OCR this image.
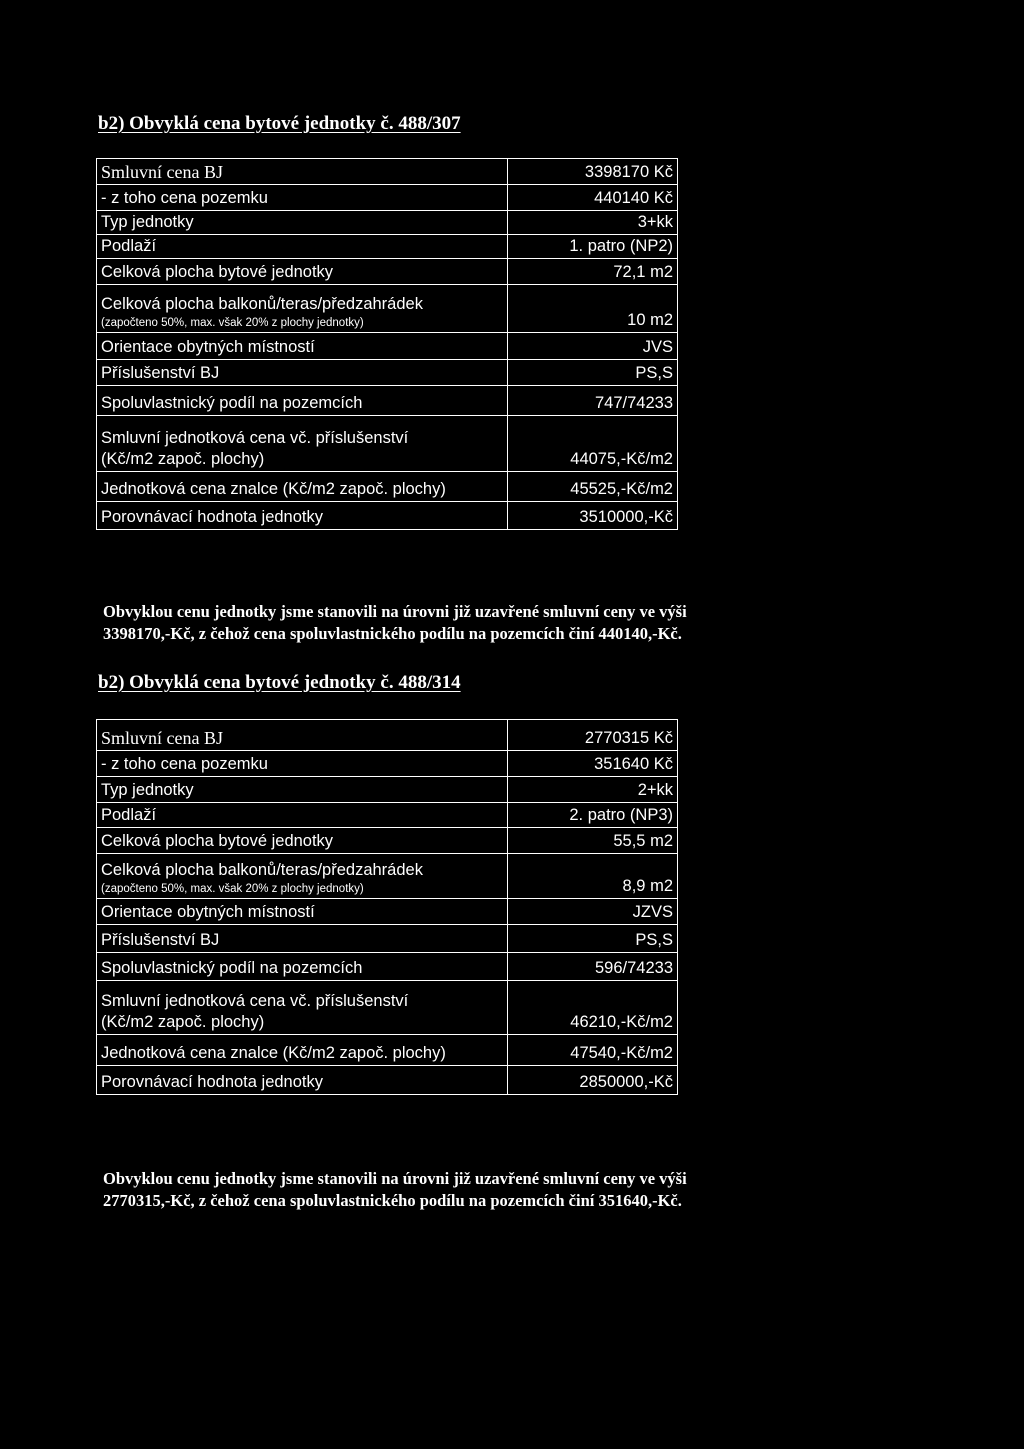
b2) Obvyklá cena bytové jednotky č. 488/307
Smluvní cena BJ	3398170 Kč
- z toho cena pozemku	440140 Kč
Typ jednotky	3+kk
Podlaží	1. patro (NP2)
Celková plocha bytové jednotky	72,1 m2
Celková plocha balkonů/teras/předzahrádek
(započteno 50%, max. však 20% z plochy jednotky)	10 m2
Orientace obytných místností	JVS
Příslušenství BJ	PS,S
Spoluvlastnický podíl na pozemcích	747/74233
Smluvní jednotková cena vč. příslušenství
(Kč/m2 započ. plochy)	44075,-Kč/m2
Jednotková cena znalce (Kč/m2 započ. plochy)	45525,-Kč/m2
Porovnávací hodnota jednotky	3510000,-Kč

Obvyklou cenu jednotky jsme stanovili na úrovni již uzavřené smluvní ceny ve výši
3398170,-Kč, z čehož cena spoluvlastnického podílu na pozemcích činí 440140,-Kč.

b2) Obvyklá cena bytové jednotky č. 488/314
Smluvní cena BJ	2770315 Kč
- z toho cena pozemku	351640 Kč
Typ jednotky	2+kk
Podlaží	2. patro (NP3)
Celková plocha bytové jednotky	55,5 m2
Celková plocha balkonů/teras/předzahrádek
(započteno 50%, max. však 20% z plochy jednotky)	8,9 m2
Orientace obytných místností	JZVS
Příslušenství BJ	PS,S
Spoluvlastnický podíl na pozemcích	596/74233
Smluvní jednotková cena vč. příslušenství
(Kč/m2 započ. plochy)	46210,-Kč/m2
Jednotková cena znalce (Kč/m2 započ. plochy)	47540,-Kč/m2
Porovnávací hodnota jednotky	2850000,-Kč

Obvyklou cenu jednotky jsme stanovili na úrovni již uzavřené smluvní ceny ve výši
2770315,-Kč, z čehož cena spoluvlastnického podílu na pozemcích činí 351640,-Kč.
